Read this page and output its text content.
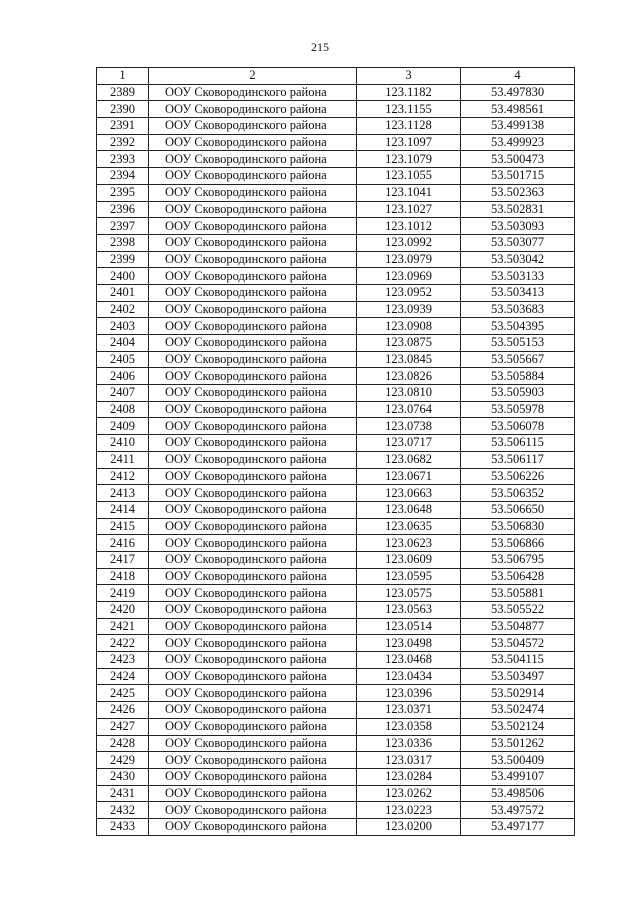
215
1	2	3	4
2389	ООУ Сковородинского района	123.1182	53.497830
2390	ООУ Сковородинского района	123.1155	53.498561
2391	ООУ Сковородинского района	123.1128	53.499138
2392	ООУ Сковородинского района	123.1097	53.499923
2393	ООУ Сковородинского района	123.1079	53.500473
2394	ООУ Сковородинского района	123.1055	53.501715
2395	ООУ Сковородинского района	123.1041	53.502363
2396	ООУ Сковородинского района	123.1027	53.502831
2397	ООУ Сковородинского района	123.1012	53.503093
2398	ООУ Сковородинского района	123.0992	53.503077
2399	ООУ Сковородинского района	123.0979	53.503042
2400	ООУ Сковородинского района	123.0969	53.503133
2401	ООУ Сковородинского района	123.0952	53.503413
2402	ООУ Сковородинского района	123.0939	53.503683
2403	ООУ Сковородинского района	123.0908	53.504395
2404	ООУ Сковородинского района	123.0875	53.505153
2405	ООУ Сковородинского района	123.0845	53.505667
2406	ООУ Сковородинского района	123.0826	53.505884
2407	ООУ Сковородинского района	123.0810	53.505903
2408	ООУ Сковородинского района	123.0764	53.505978
2409	ООУ Сковородинского района	123.0738	53.506078
2410	ООУ Сковородинского района	123.0717	53.506115
2411	ООУ Сковородинского района	123.0682	53.506117
2412	ООУ Сковородинского района	123.0671	53.506226
2413	ООУ Сковородинского района	123.0663	53.506352
2414	ООУ Сковородинского района	123.0648	53.506650
2415	ООУ Сковородинского района	123.0635	53.506830
2416	ООУ Сковородинского района	123.0623	53.506866
2417	ООУ Сковородинского района	123.0609	53.506795
2418	ООУ Сковородинского района	123.0595	53.506428
2419	ООУ Сковородинского района	123.0575	53.505881
2420	ООУ Сковородинского района	123.0563	53.505522
2421	ООУ Сковородинского района	123.0514	53.504877
2422	ООУ Сковородинского района	123.0498	53.504572
2423	ООУ Сковородинского района	123.0468	53.504115
2424	ООУ Сковородинского района	123.0434	53.503497
2425	ООУ Сковородинского района	123.0396	53.502914
2426	ООУ Сковородинского района	123.0371	53.502474
2427	ООУ Сковородинского района	123.0358	53.502124
2428	ООУ Сковородинского района	123.0336	53.501262
2429	ООУ Сковородинского района	123.0317	53.500409
2430	ООУ Сковородинского района	123.0284	53.499107
2431	ООУ Сковородинского района	123.0262	53.498506
2432	ООУ Сковородинского района	123.0223	53.497572
2433	ООУ Сковородинского района	123.0200	53.497177
